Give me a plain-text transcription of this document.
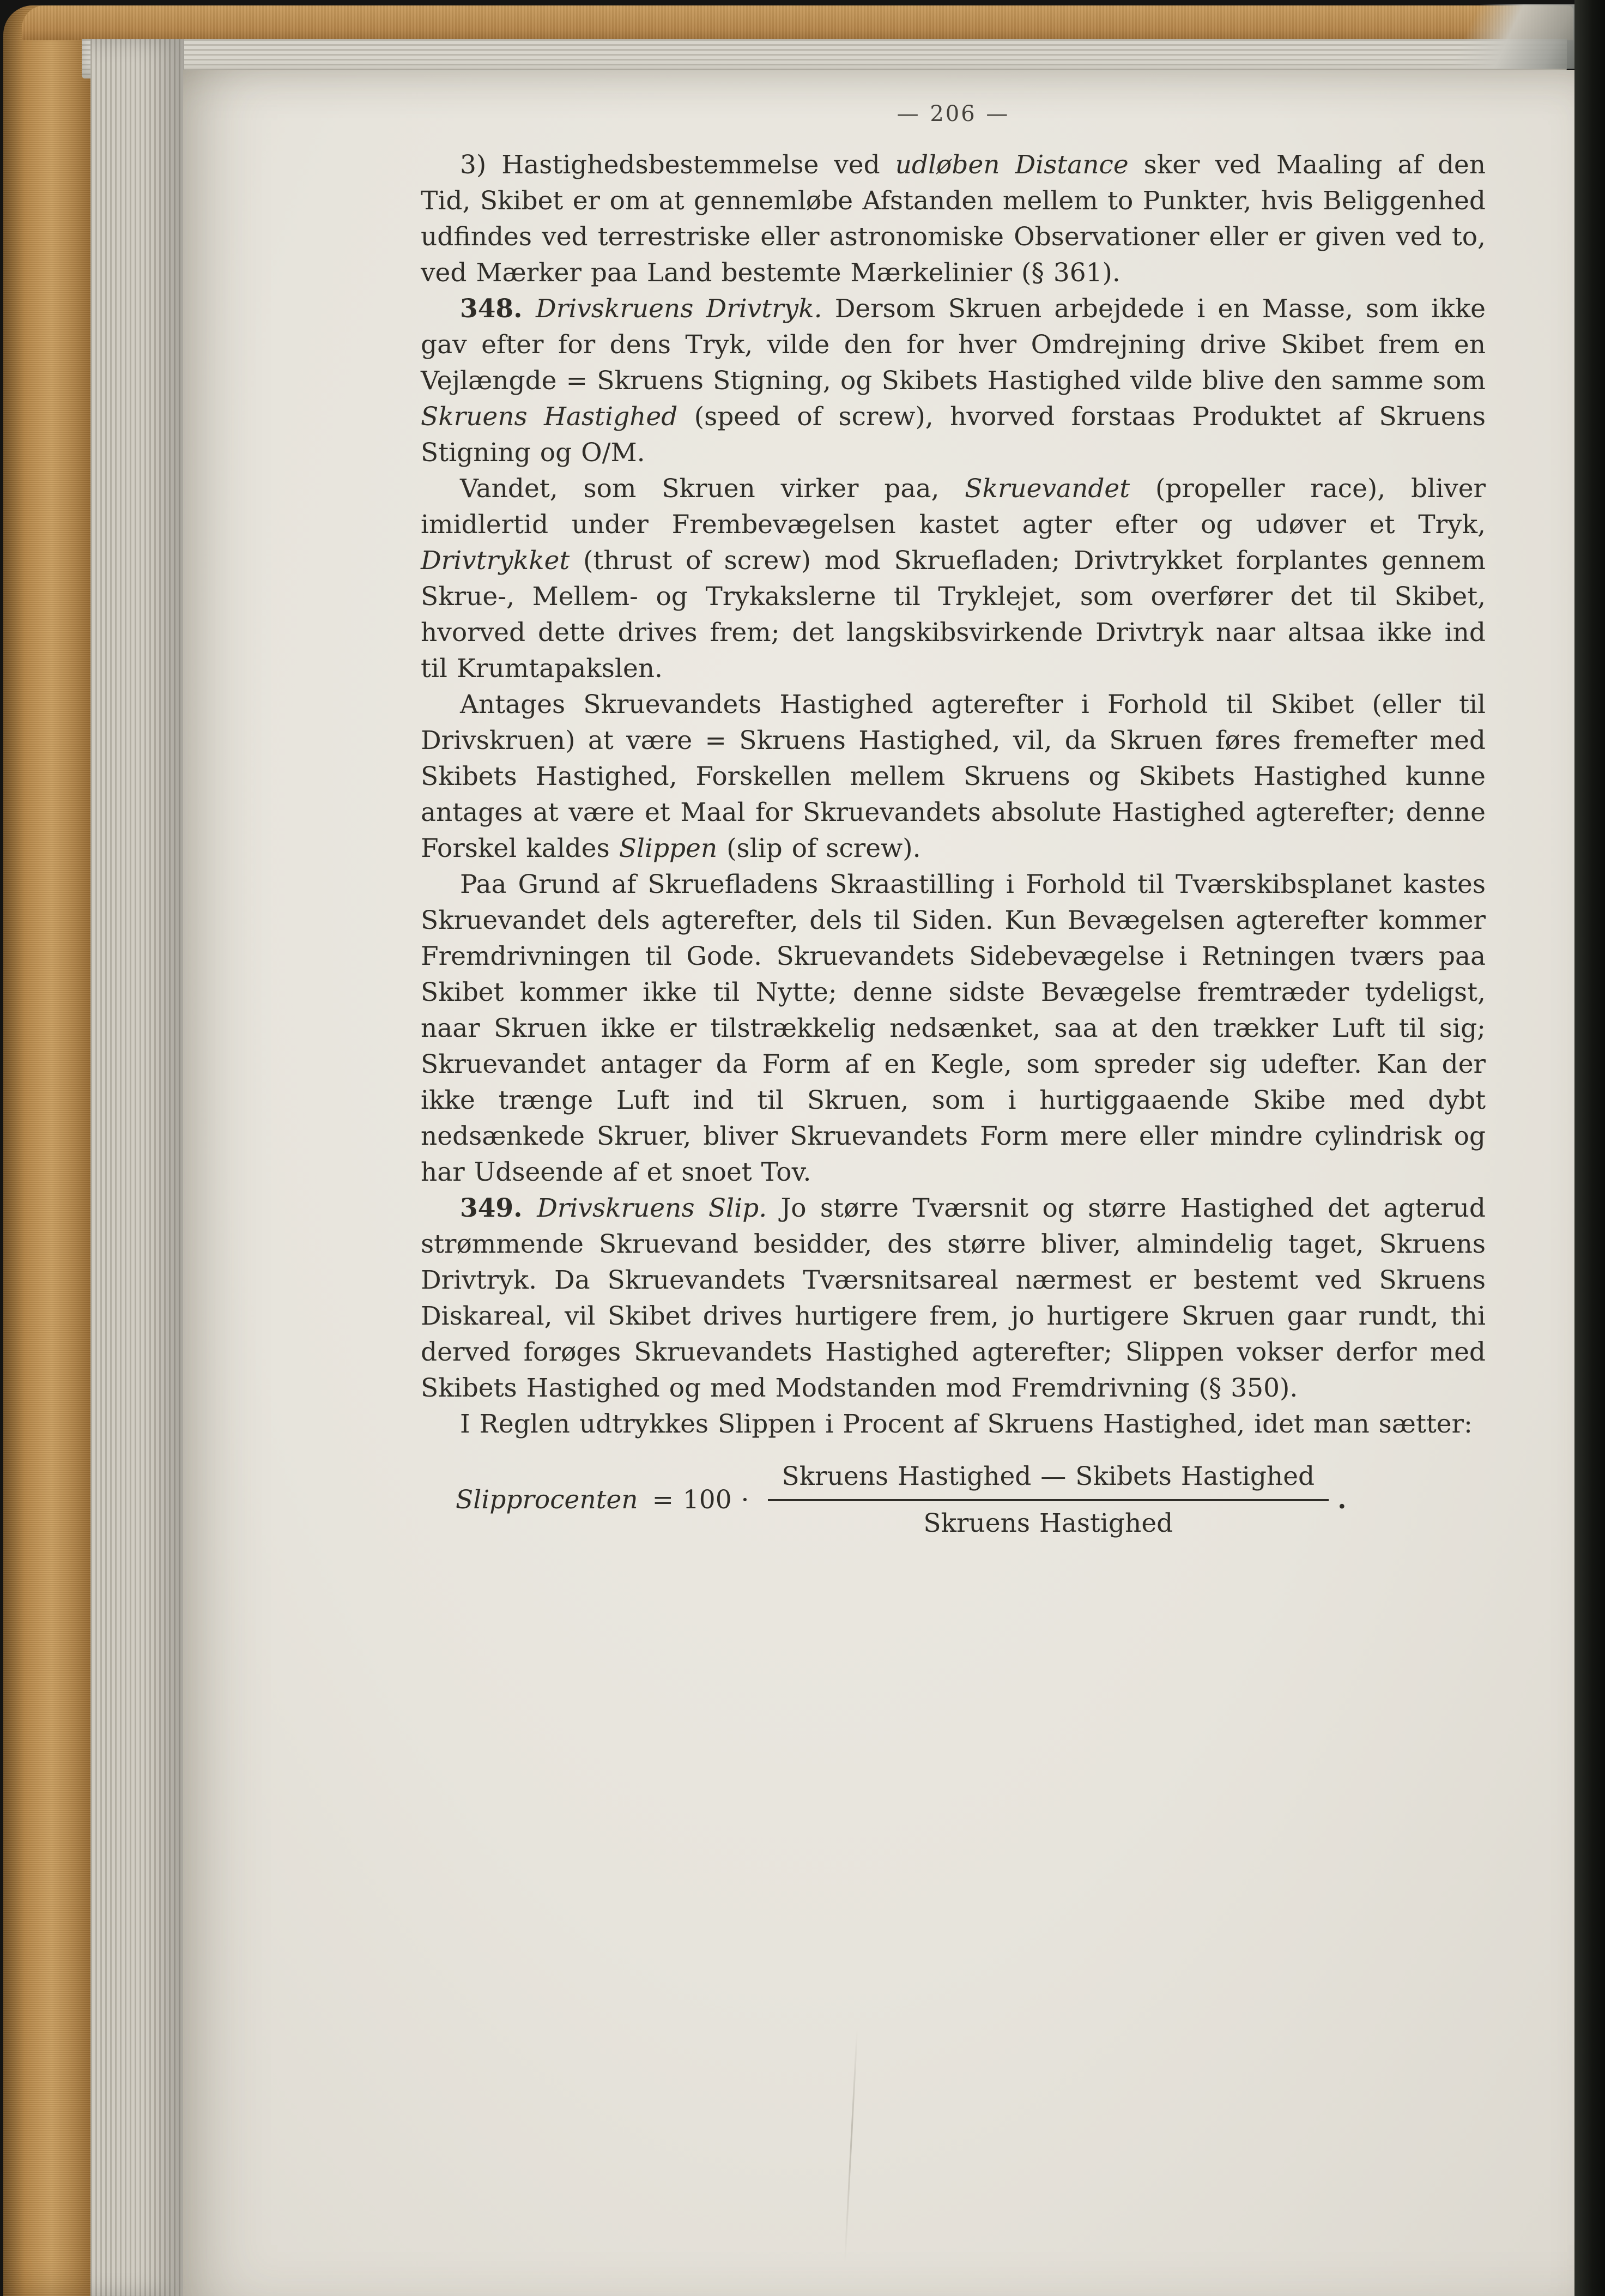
— 206 —

3) Hastighedsbestemmelse ved udløben Distance sker ved Maaling af den Tid, Skibet er om at gennemløbe Afstanden mellem to Punkter, hvis Beliggenhed udfindes ved terrestriske eller astronomiske Observationer eller er given ved to, ved Mærker paa Land bestemte Mærkelinier (§ 361).

348. Drivskruens Drivtryk. Dersom Skruen arbejdede i en Masse, som ikke gav efter for dens Tryk, vilde den for hver Omdrejning drive Skibet frem en Vejlængde = Skruens Stigning, og Skibets Hastighed vilde blive den samme som Skruens Hastighed (speed of screw), hvorved forstaas Produktet af Skruens Stigning og O/M.

Vandet, som Skruen virker paa, Skruevandet (propeller race), bliver imidlertid under Frembevægelsen kastet agter efter og udøver et Tryk, Drivtrykket (thrust of screw) mod Skruefladen; Drivtrykket forplantes gennem Skrue-, Mellem- og Trykakslerne til Tryklejet, som overfører det til Skibet, hvorved dette drives frem; det langskibsvirkende Drivtryk naar altsaa ikke ind til Krumtapakslen.

Antages Skruevandets Hastighed agterefter i Forhold til Skibet (eller til Drivskruen) at være = Skruens Hastighed, vil, da Skruen føres fremefter med Skibets Hastighed, Forskellen mellem Skruens og Skibets Hastighed kunne antages at være et Maal for Skruevandets absolute Hastighed agterefter; denne Forskel kaldes Slippen (slip of screw).

Paa Grund af Skruefladens Skraastilling i Forhold til Tværskibsplanet kastes Skruevandet dels agterefter, dels til Siden. Kun Bevægelsen agterefter kommer Fremdrivningen til Gode. Skruevandets Sidebevægelse i Retningen tværs paa Skibet kommer ikke til Nytte; denne sidste Bevægelse fremtræder tydeligst, naar Skruen ikke er tilstrækkelig nedsænket, saa at den trækker Luft til sig; Skruevandet antager da Form af en Kegle, som spreder sig udefter. Kan der ikke trænge Luft ind til Skruen, som i hurtiggaaende Skibe med dybt nedsænkede Skruer, bliver Skruevandets Form mere eller mindre cylindrisk og har Udseende af et snoet Tov.

349. Drivskruens Slip. Jo større Tværsnit og større Hastighed det agterud strømmende Skruevand besidder, des større bliver, almindelig taget, Skruens Drivtryk. Da Skruevandets Tværsnitsareal nærmest er bestemt ved Skruens Diskareal, vil Skibet drives hurtigere frem, jo hurtigere Skruen gaar rundt, thi derved forøges Skruevandets Hastighed agterefter; Slippen vokser derfor med Skibets Hastighed og med Modstanden mod Fremdrivning (§ 350).

I Reglen udtrykkes Slippen i Procent af Skruens Hastighed, idet man sætter:

Slipprocenten = $100 \cdot \frac{\text{Skruens Hastighed — Skibets Hastighed}}{\text{Skruens Hastighed}}$ .
